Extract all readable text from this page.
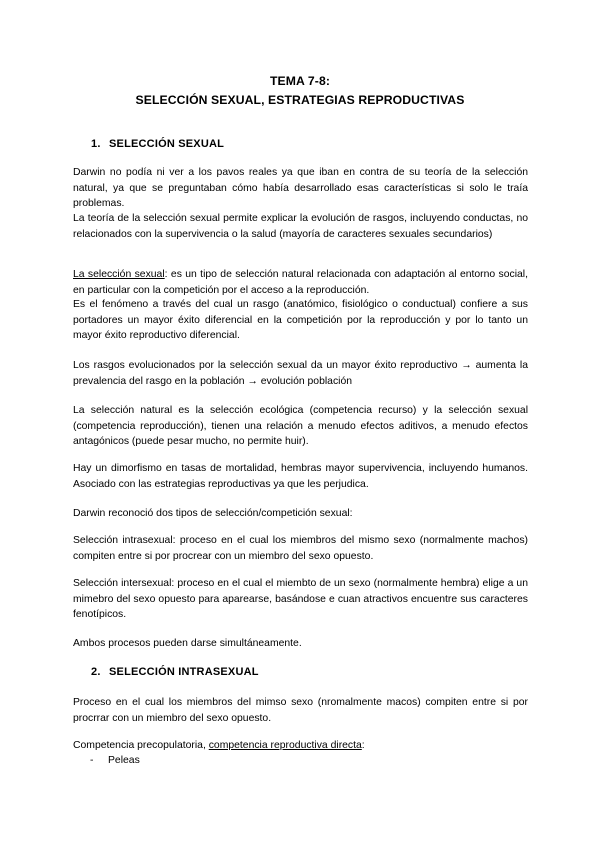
TEMA 7-8:
SELECCIÓN SEXUAL, ESTRATEGIAS REPRODUCTIVAS
1. SELECCIÓN SEXUAL
Darwin no podía ni ver a los pavos reales ya que iban en contra de su teoría de la selección natural, ya que se preguntaban cómo había desarrollado esas características si solo le traía problemas.
La teoría de la selección sexual permite explicar la evolución de rasgos, incluyendo conductas, no relacionados con la supervivencia o la salud (mayoría de caracteres sexuales secundarios)
La selección sexual: es un tipo de selección natural relacionada con adaptación al entorno social, en particular con la competición por el acceso a la reproducción.
Es el fenómeno a través del cual un rasgo (anatómico, fisiológico o conductual) confiere a sus portadores un mayor éxito diferencial en la competición por la reproducción y por lo tanto un mayor éxito reproductivo diferencial.
Los rasgos evolucionados por la selección sexual da un mayor éxito reproductivo → aumenta la prevalencia del rasgo en la población → evolución población
La selección natural es la selección ecológica (competencia recurso) y la selección sexual (competencia reproducción), tienen una relación a menudo efectos aditivos, a menudo efectos antagónicos (puede pesar mucho, no permite huir).
Hay un dimorfismo en tasas de mortalidad, hembras mayor supervivencia, incluyendo humanos. Asociado con las estrategias reproductivas ya que les perjudica.
Darwin reconoció dos tipos de selección/competición sexual:
Selección intrasexual: proceso en el cual los miembros del mismo sexo (normalmente machos) compiten entre si por procrear con un miembro del sexo opuesto.
Selección intersexual: proceso en el cual el miembto de un sexo (normalmente hembra) elige a un mimebro del sexo opuesto para aparearse, basándose e cuan atractivos encuentre sus caracteres fenotípicos.
Ambos procesos pueden darse simultáneamente.
2. SELECCIÓN INTRASEXUAL
Proceso en el cual los miembros del mimso sexo (nromalmente macos) compiten entre si por procrrar con un miembro del sexo opuesto.
Competencia precopulatoria, competencia reproductiva directa:
- Peleas
